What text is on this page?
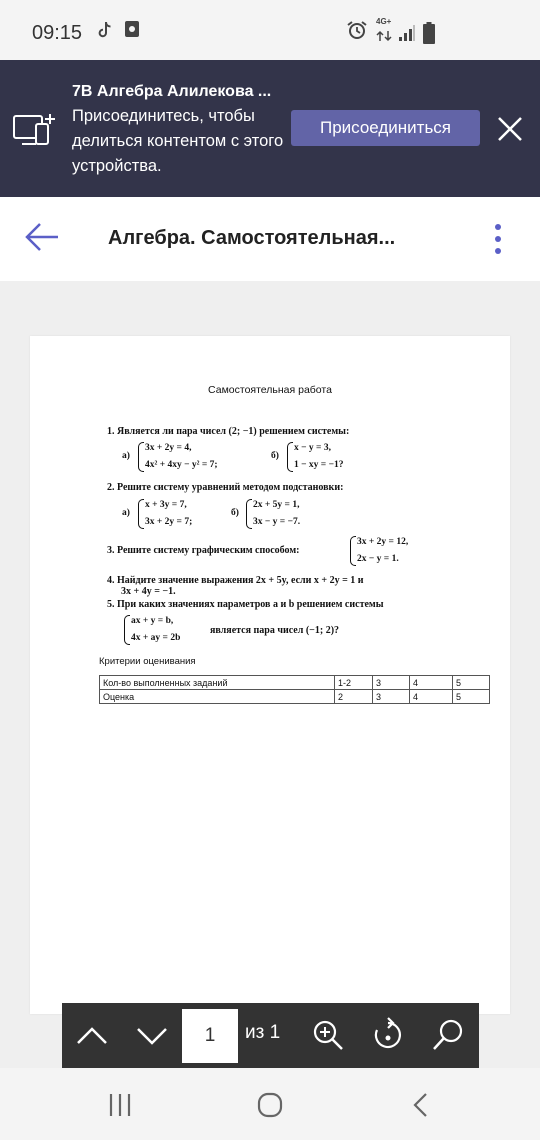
09:15
4G+
7В Алгебра Алилекова ...
Присоединитесь, чтобы делиться контентом с этого устройства.
Присоединиться
Алгебра. Самостоятельная...
Самостоятельная работа
1. Является ли пара чисел (2; −1) решением системы:
а)
3x + 2y = 4,
4x² + 4xy − y² = 7;
б)
x − y = 3,
1 − xy = −1?
2. Решите систему уравнений методом подстановки:
а)
x + 3y = 7,
3x + 2y = 7;
б)
2x + 5y = 1,
3x − y = −7.
3. Решите систему графическим способом:
3x + 2y = 12,
2x − y = 1.
4. Найдите значение выражения 2x + 5y, если x + 2y = 1 и
3x + 4y = −1.
5. При каких значениях параметров a и b решением системы
ax + y = b,
4x + ay = 2b
является пара чисел (−1; 2)?
Критерии оценивания
Кол-во выполненных заданий	1-2	3	4	5
Оценка	2	3	4	5
1	из 1
